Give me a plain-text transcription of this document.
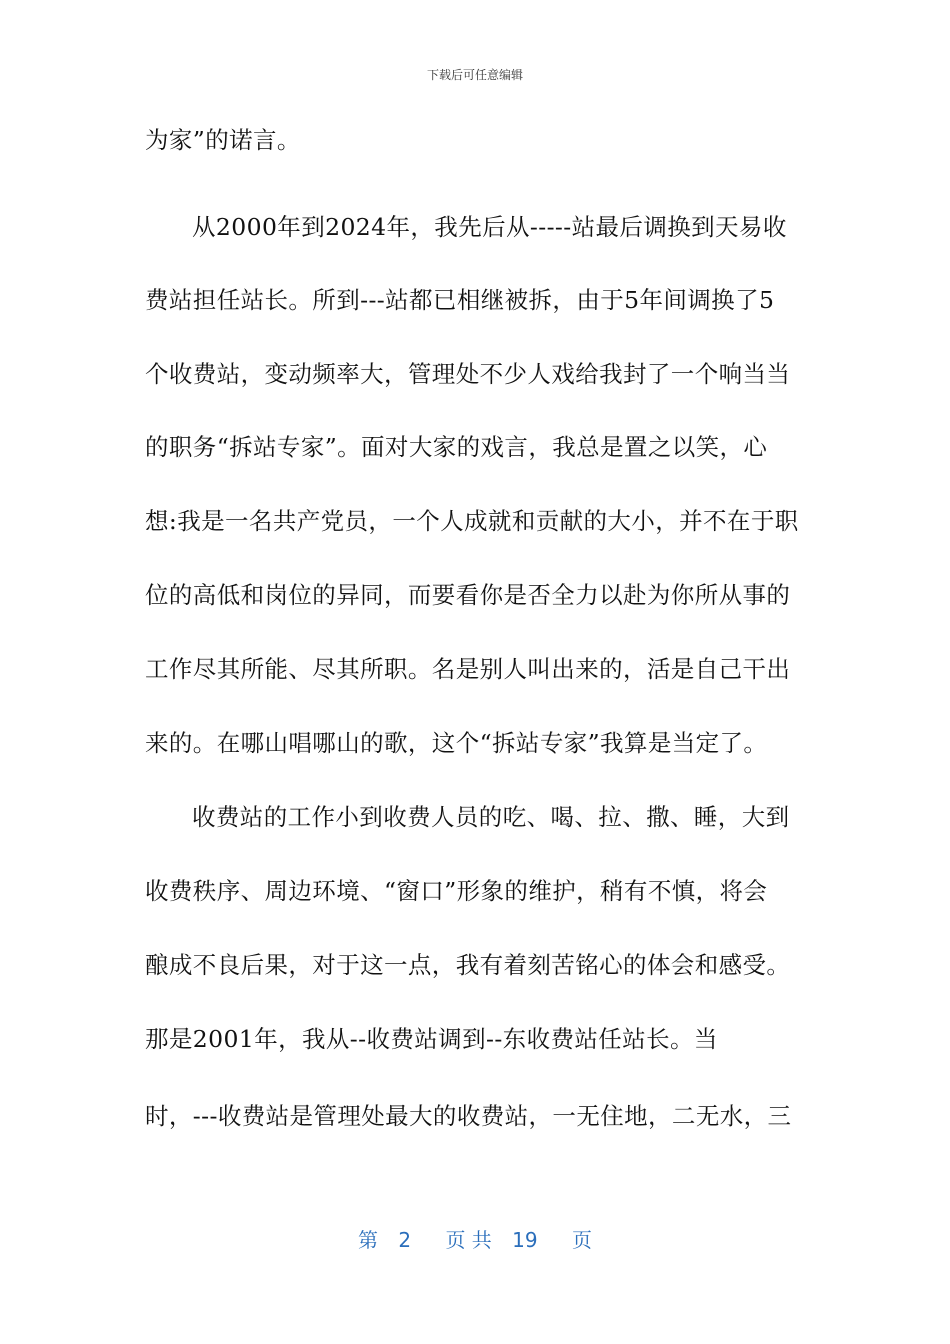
下载后可任意编辑
为家”的诺言。
从2000年到2024年，我先后从-----站最后调换到天易收
费站担任站长。所到---站都已相继被拆，由于5年间调换了5
个收费站，变动频率大，管理处不少人戏给我封了一个响当当
的职务“拆站专家”。面对大家的戏言，我总是置之以笑，心
想:我是一名共产党员，一个人成就和贡献的大小，并不在于职
位的高低和岗位的异同，而要看你是否全力以赴为你所从事的
工作尽其所能、尽其所职。名是别人叫出来的，活是自己干出
来的。在哪山唱哪山的歌，这个“拆站专家”我算是当定了。
收费站的工作小到收费人员的吃、喝、拉、撒、睡，大到
收费秩序、周边环境、“窗口”形象的维护，稍有不慎，将会
酿成不良后果，对于这一点，我有着刻苦铭心的体会和感受。
那是2001年，我从--收费站调到--东收费站任站长。当
时，---收费站是管理处最大的收费站，一无住地，二无水，三
第 2 页 共 19 页
